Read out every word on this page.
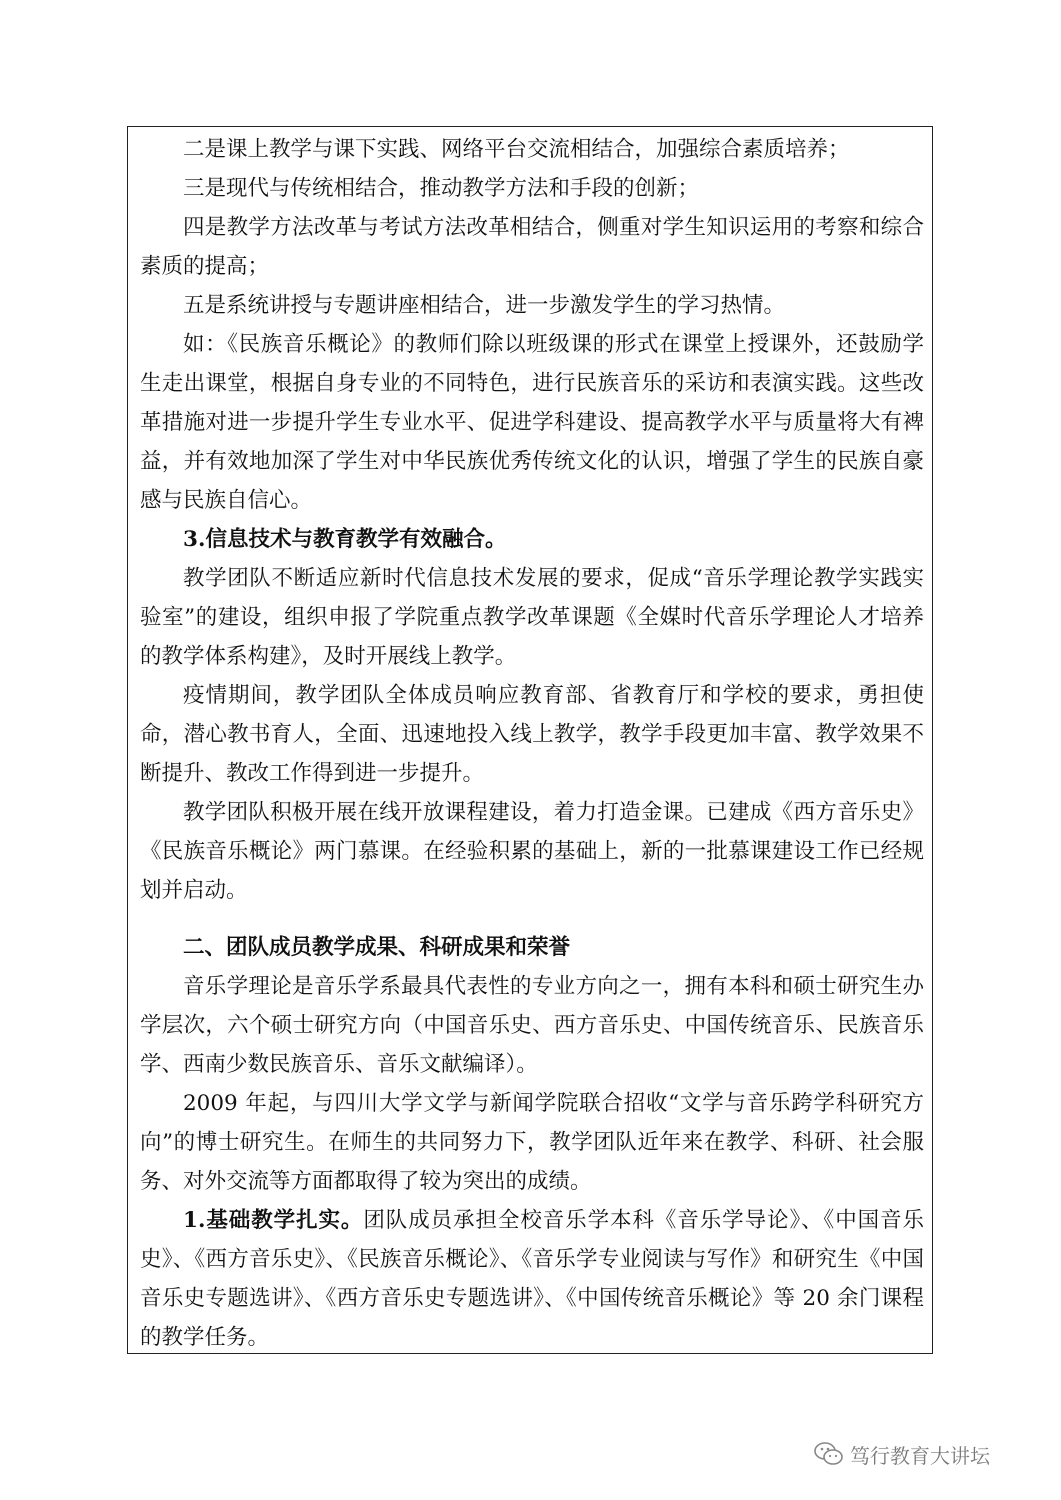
二是课上教学与课下实践、网络平台交流相结合，加强综合素质培养；

三是现代与传统相结合，推动教学方法和手段的创新；

四是教学方法改革与考试方法改革相结合，侧重对学生知识运用的考察和综合素质的提高；

五是系统讲授与专题讲座相结合，进一步激发学生的学习热情。

如：《民族音乐概论》的教师们除以班级课的形式在课堂上授课外，还鼓励学生走出课堂，根据自身专业的不同特色，进行民族音乐的采访和表演实践。这些改革措施对进一步提升学生专业水平、促进学科建设、提高教学水平与质量将大有裨益，并有效地加深了学生对中华民族优秀传统文化的认识，增强了学生的民族自豪感与民族自信心。

3.信息技术与教育教学有效融合。

教学团队不断适应新时代信息技术发展的要求，促成“音乐学理论教学实践实验室”的建设，组织申报了学院重点教学改革课题《全媒时代音乐学理论人才培养的教学体系构建》，及时开展线上教学。

疫情期间，教学团队全体成员响应教育部、省教育厅和学校的要求，勇担使命，潜心教书育人，全面、迅速地投入线上教学，教学手段更加丰富、教学效果不断提升、教改工作得到进一步提升。

教学团队积极开展在线开放课程建设，着力打造金课。已建成《西方音乐史》《民族音乐概论》两门慕课。在经验积累的基础上，新的一批慕课建设工作已经规划并启动。

二、团队成员教学成果、科研成果和荣誉

音乐学理论是音乐学系最具代表性的专业方向之一，拥有本科和硕士研究生办学层次，六个硕士研究方向（中国音乐史、西方音乐史、中国传统音乐、民族音乐学、西南少数民族音乐、音乐文献编译）。

2009 年起，与四川大学文学与新闻学院联合招收“文学与音乐跨学科研究方向”的博士研究生。在师生的共同努力下，教学团队近年来在教学、科研、社会服务、对外交流等方面都取得了较为突出的成绩。

1.基础教学扎实。团队成员承担全校音乐学本科《音乐学导论》、《中国音乐史》、《西方音乐史》、《民族音乐概论》、《音乐学专业阅读与写作》和研究生《中国音乐史专题选讲》、《西方音乐史专题选讲》、《中国传统音乐概论》等 20 余门课程的教学任务。

笃行教育大讲坛
